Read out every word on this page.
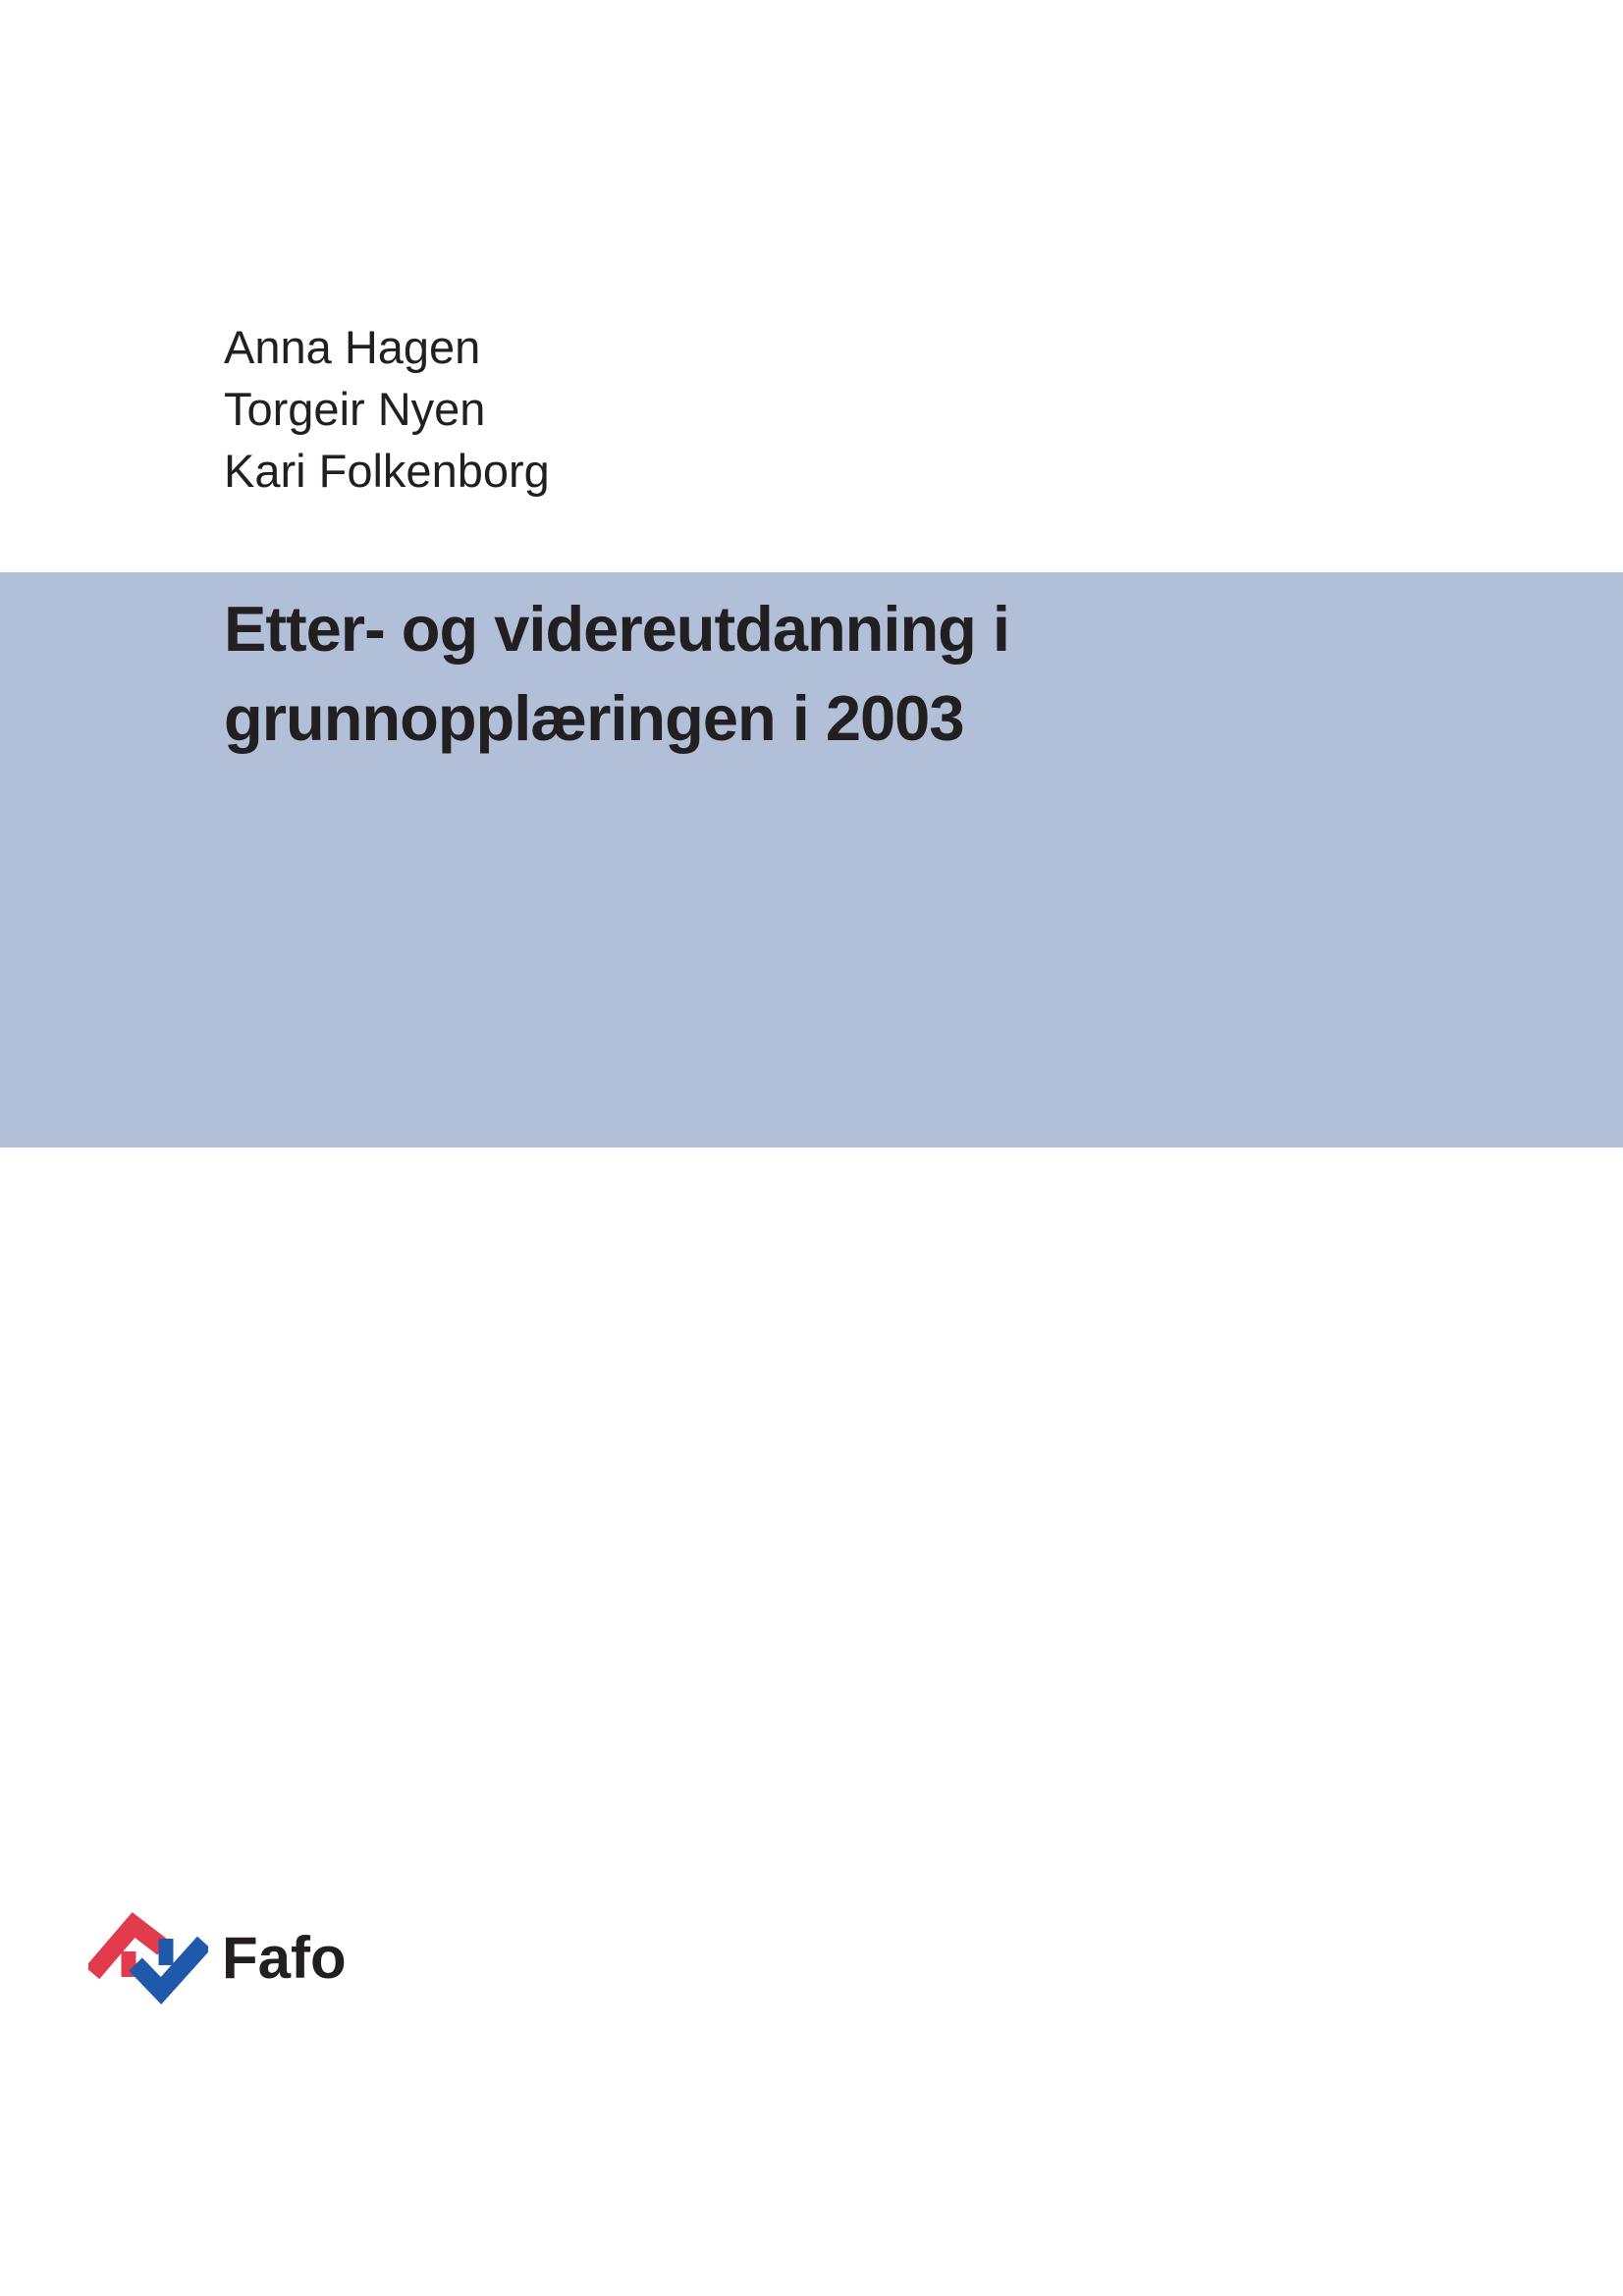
Anna Hagen
Torgeir Nyen
Kari Folkenborg
Etter- og videreutdanning i
grunnopplæringen i 2003
Fafo
